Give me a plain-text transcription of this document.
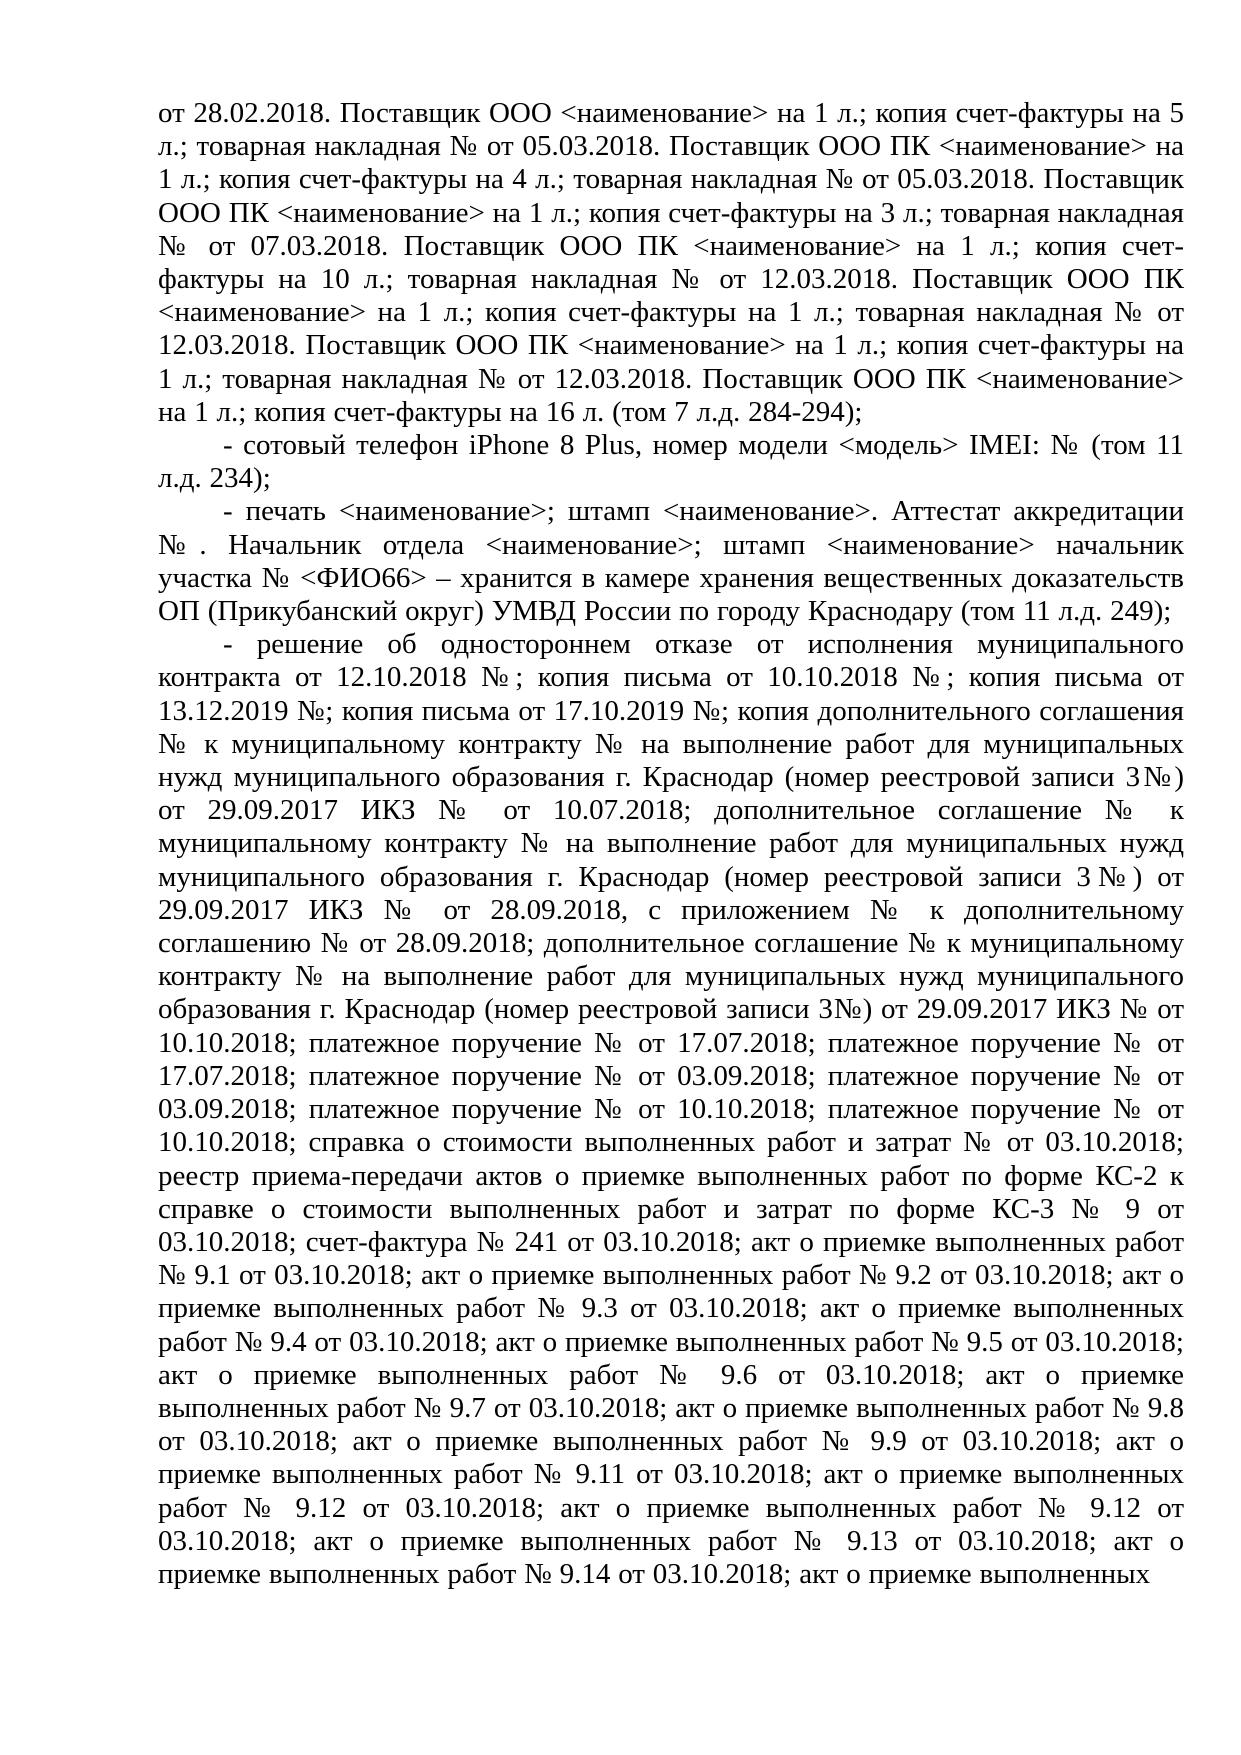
от 28.02.2018. Поставщик ООО <наименование> на 1 л.; копия счет-фактуры на 5 л.; товарная накладная № от 05.03.2018. Поставщик ООО ПК <наименование> на 1 л.; копия счет-фактуры на 4 л.; товарная накладная № от 05.03.2018. Поставщик ООО ПК <наименование> на 1 л.; копия счет-фактуры на 3 л.; товарная накладная № от 07.03.2018. Поставщик ООО ПК <наименование> на 1 л.; копия счет-фактуры на 10 л.; товарная накладная № от 12.03.2018. Поставщик ООО ПК <наименование> на 1 л.; копия счет-фактуры на 1 л.; товарная накладная № от 12.03.2018. Поставщик ООО ПК <наименование> на 1 л.; копия счет-фактуры на 1 л.; товарная накладная № от 12.03.2018. Поставщик ООО ПК <наименование> на 1 л.; копия счет-фактуры на 16 л. (том 7 л.д. 284-294);

- сотовый телефон iPhone 8 Plus, номер модели <модель> IMEI: № (том 11 л.д. 234);

- печать <наименование>; штамп <наименование>. Аттестат аккредитации №. Начальник отдела <наименование>; штамп <наименование> начальник участка № <ФИО66> – хранится в камере хранения вещественных доказательств ОП (Прикубанский округ) УМВД России по городу Краснодару (том 11 л.д. 249);

- решение об одностороннем отказе от исполнения муниципального контракта от 12.10.2018 №; копия письма от 10.10.2018 №; копия письма от 13.12.2019 №; копия письма от 17.10.2019 №; копия дополнительного соглашения № к муниципальному контракту № на выполнение работ для муниципальных нужд муниципального образования г. Краснодар (номер реестровой записи 3№) от 29.09.2017 ИКЗ № от 10.07.2018; дополнительное соглашение № к муниципальному контракту № на выполнение работ для муниципальных нужд муниципального образования г. Краснодар (номер реестровой записи 3№) от 29.09.2017 ИКЗ № от 28.09.2018, с приложением № к дополнительному соглашению № от 28.09.2018; дополнительное соглашение № к муниципальному контракту № на выполнение работ для муниципальных нужд муниципального образования г. Краснодар (номер реестровой записи 3№) от 29.09.2017 ИКЗ № от 10.10.2018; платежное поручение № от 17.07.2018; платежное поручение № от 17.07.2018; платежное поручение № от 03.09.2018; платежное поручение № от 03.09.2018; платежное поручение № от 10.10.2018; платежное поручение № от 10.10.2018; справка о стоимости выполненных работ и затрат № от 03.10.2018; реестр приема-передачи актов о приемке выполненных работ по форме КС-2 к справке о стоимости выполненных работ и затрат по форме КС-3 № 9 от 03.10.2018; счет-фактура № 241 от 03.10.2018; акт о приемке выполненных работ № 9.1 от 03.10.2018; акт о приемке выполненных работ № 9.2 от 03.10.2018; акт о приемке выполненных работ № 9.3 от 03.10.2018; акт о приемке выполненных работ № 9.4 от 03.10.2018; акт о приемке выполненных работ № 9.5 от 03.10.2018; акт о приемке выполненных работ № 9.6 от 03.10.2018; акт о приемке выполненных работ № 9.7 от 03.10.2018; акт о приемке выполненных работ № 9.8 от 03.10.2018; акт о приемке выполненных работ № 9.9 от 03.10.2018; акт о приемке выполненных работ № 9.11 от 03.10.2018; акт о приемке выполненных работ № 9.12 от 03.10.2018; акт о приемке выполненных работ № 9.12 от 03.10.2018; акт о приемке выполненных работ № 9.13 от 03.10.2018; акт о приемке выполненных работ № 9.14 от 03.10.2018; акт о приемке выполненных
